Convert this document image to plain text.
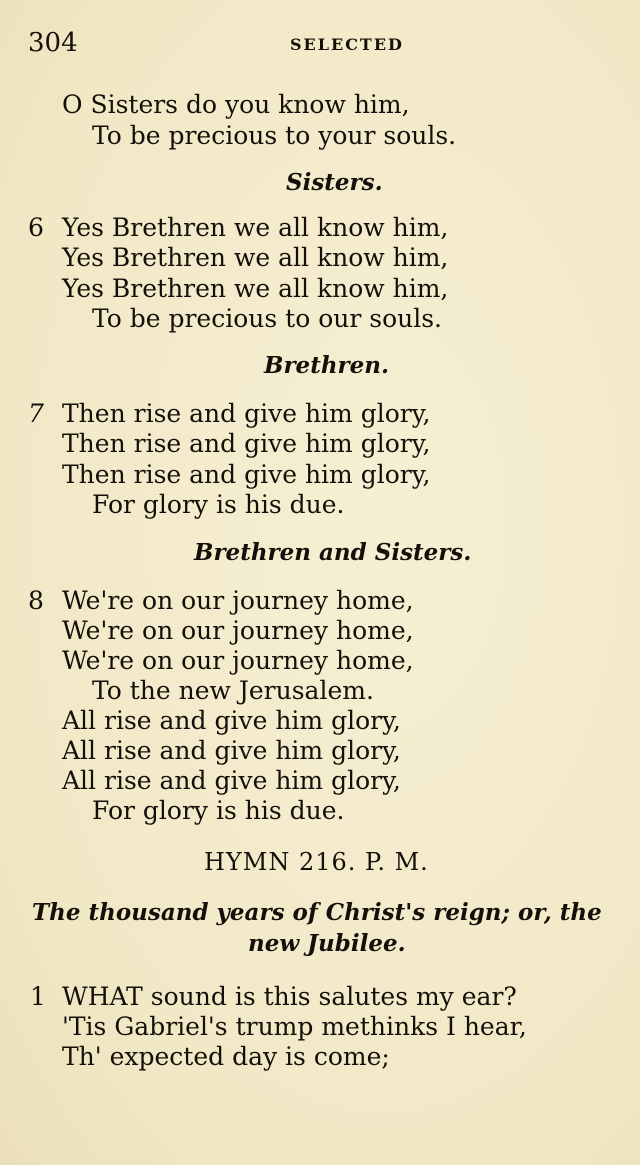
304	SELECTED
O Sisters do you know him,
To be precious to your souls.
Sisters.
6 Yes Brethren we all know him,
Yes Brethren we all know him,
Yes Brethren we all know him,
To be precious to our souls.
Brethren.
7 Then rise and give him glory,
Then rise and give him glory,
Then rise and give him glory,
For glory is his due.
Brethren and Sisters.
8 We're on our journey home,
We're on our journey home,
We're on our journey home,
To the new Jerusalem.
All rise and give him glory,
All rise and give him glory,
All rise and give him glory,
For glory is his due.
HYMN 216. P. M.
The thousand years of Christ's reign; or, the
new Jubilee.
1 WHAT sound is this salutes my ear?
'Tis Gabriel's trump methinks I hear,
Th' expected day is come;
